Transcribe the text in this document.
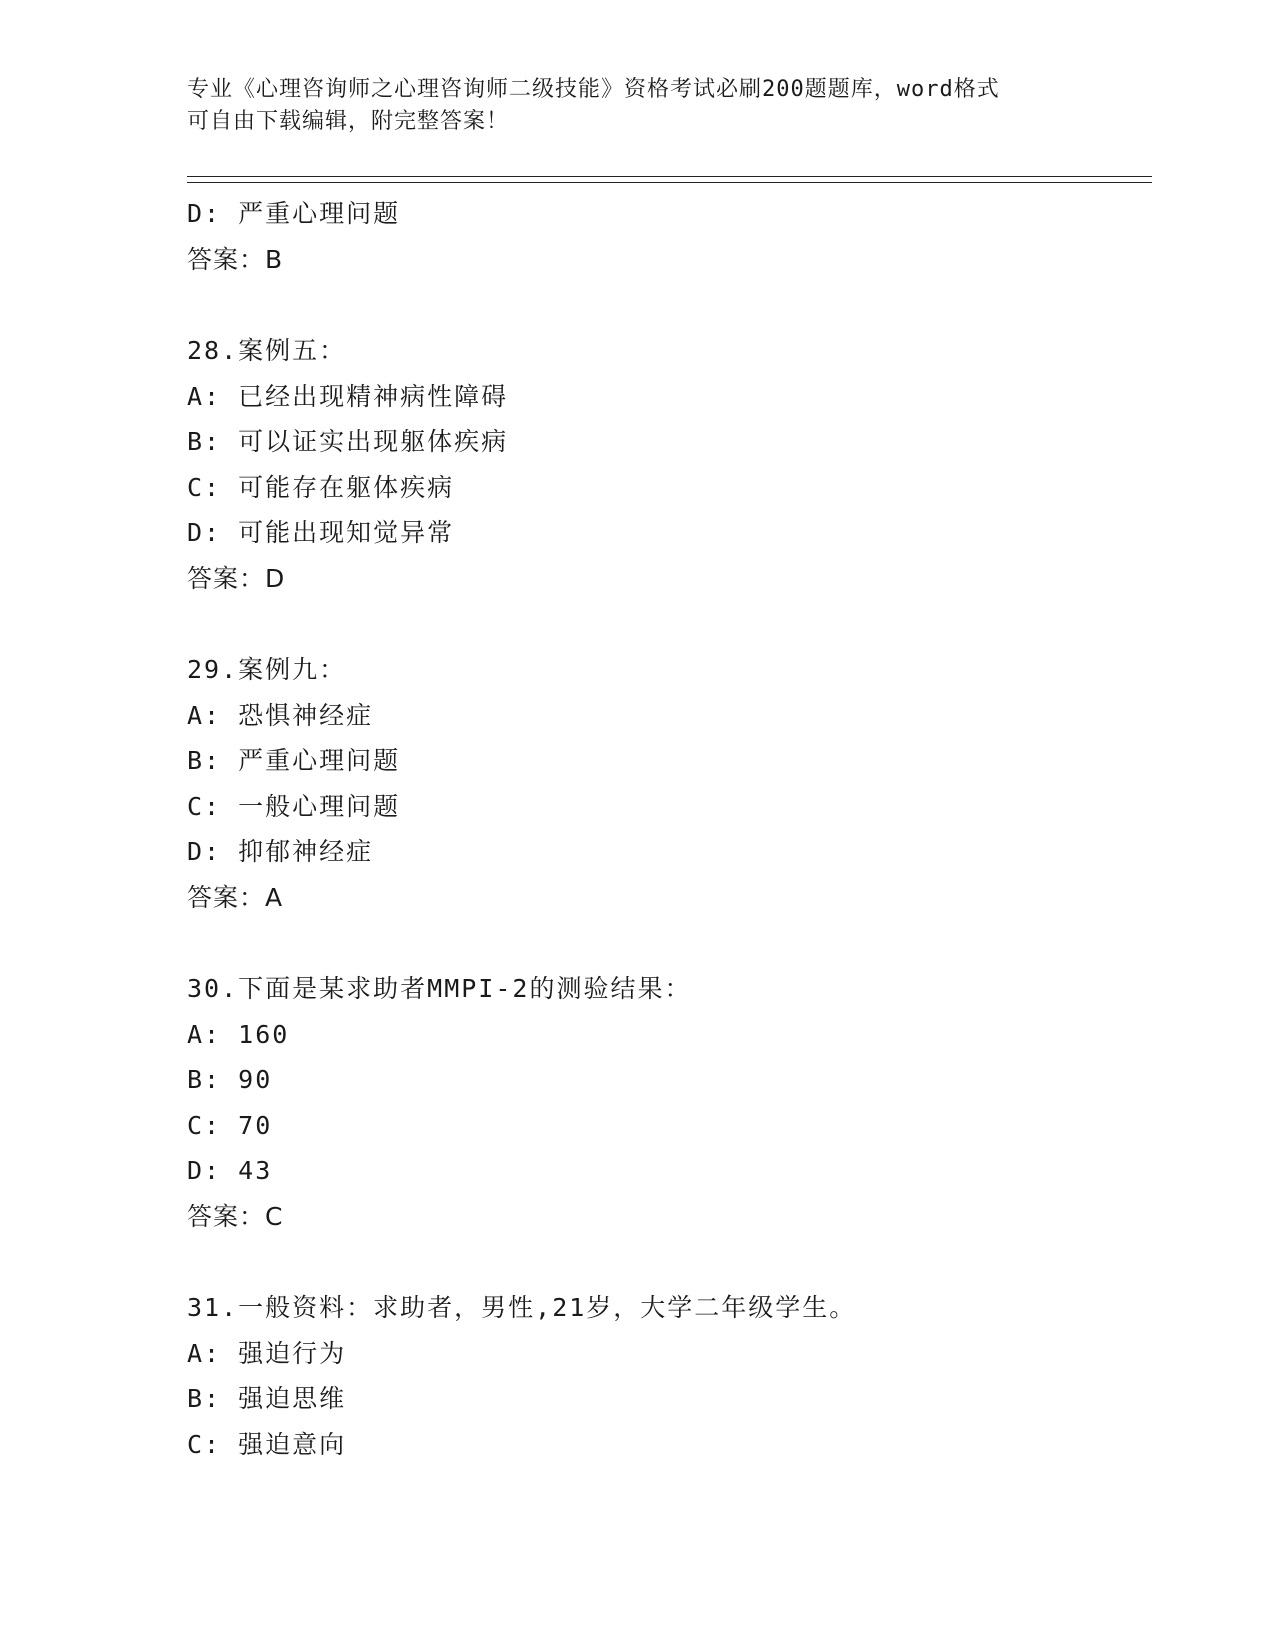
专业《心理咨询师之心理咨询师二级技能》资格考试必刷200题题库，word格式
可自由下载编辑，附完整答案！
D: 严重心理问题
答案：B
28.案例五：
A: 已经出现精神病性障碍
B: 可以证实出现躯体疾病
C: 可能存在躯体疾病
D: 可能出现知觉异常
答案：D
29.案例九：
A: 恐惧神经症
B: 严重心理问题
C: 一般心理问题
D: 抑郁神经症
答案：A
30.下面是某求助者MMPI-2的测验结果：
A: 160
B: 90
C: 70
D: 43
答案：C
31.一般资料：求助者，男性,21岁，大学二年级学生。
A: 强迫行为
B: 强迫思维
C: 强迫意向
